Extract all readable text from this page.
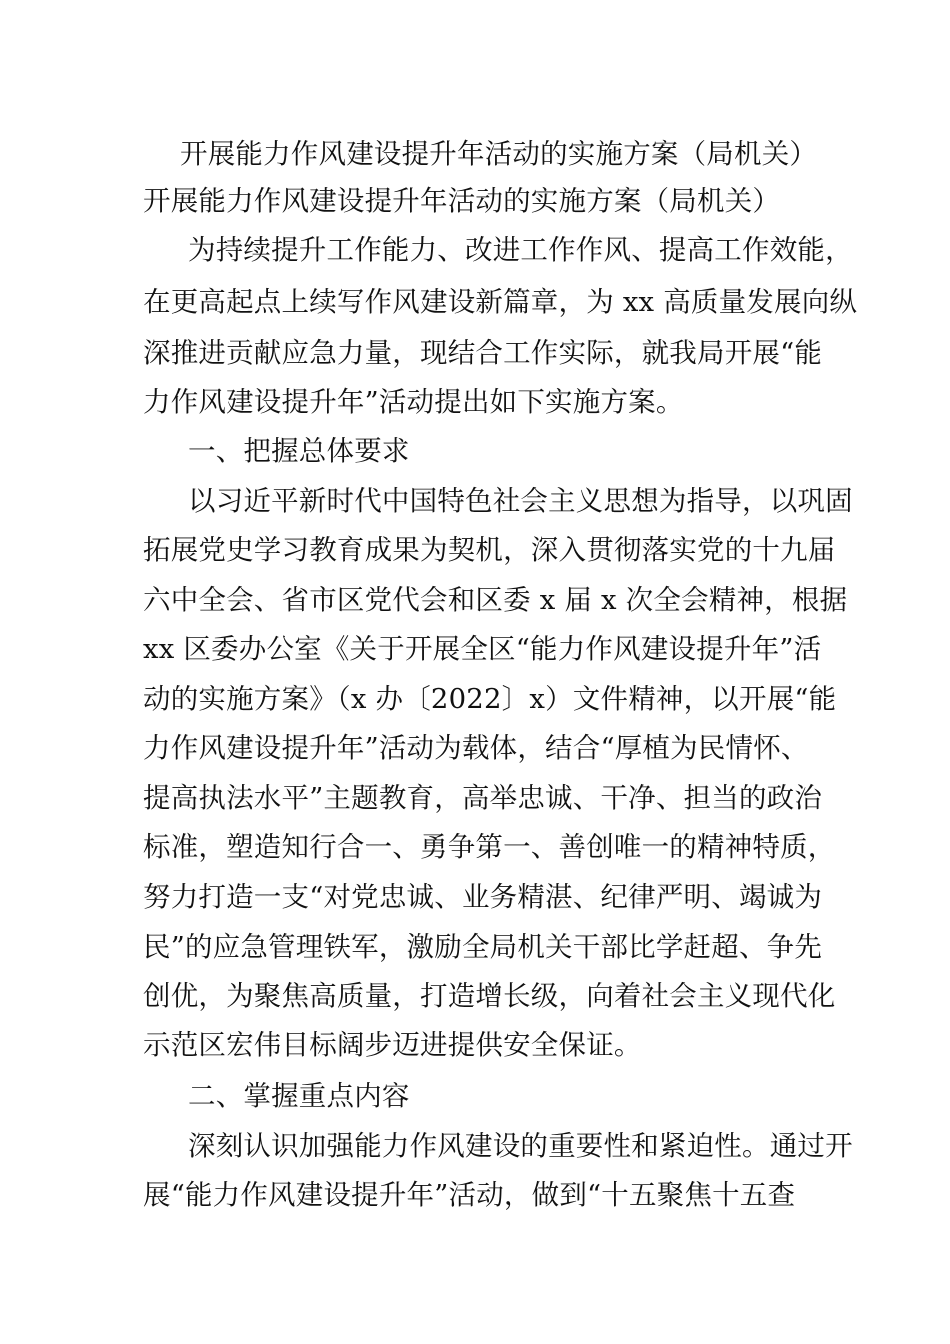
开展能力作风建设提升年活动的实施方案（局机关）
开展能力作风建设提升年活动的实施方案（局机关）
为持续提升工作能力、改进工作作风、提高工作效能，
在更高起点上续写作风建设新篇章，为 xx 高质量发展向纵
深推进贡献应急力量，现结合工作实际，就我局开展“能
力作风建设提升年”活动提出如下实施方案。
一、把握总体要求
以习近平新时代中国特色社会主义思想为指导，以巩固
拓展党史学习教育成果为契机，深入贯彻落实党的十九届
六中全会、省市区党代会和区委 x 届 x 次全会精神，根据
xx 区委办公室《关于开展全区“能力作风建设提升年”活
动的实施方案》（x 办〔2022〕x）文件精神，以开展“能
力作风建设提升年”活动为载体，结合“厚植为民情怀、
提高执法水平”主题教育，高举忠诚、干净、担当的政治
标准，塑造知行合一、勇争第一、善创唯一的精神特质，
努力打造一支“对党忠诚、业务精湛、纪律严明、竭诚为
民”的应急管理铁军，激励全局机关干部比学赶超、争先
创优，为聚焦高质量，打造增长级，向着社会主义现代化
示范区宏伟目标阔步迈进提供安全保证。
二、掌握重点内容
深刻认识加强能力作风建设的重要性和紧迫性。通过开
展“能力作风建设提升年”活动，做到“十五聚焦十五查
